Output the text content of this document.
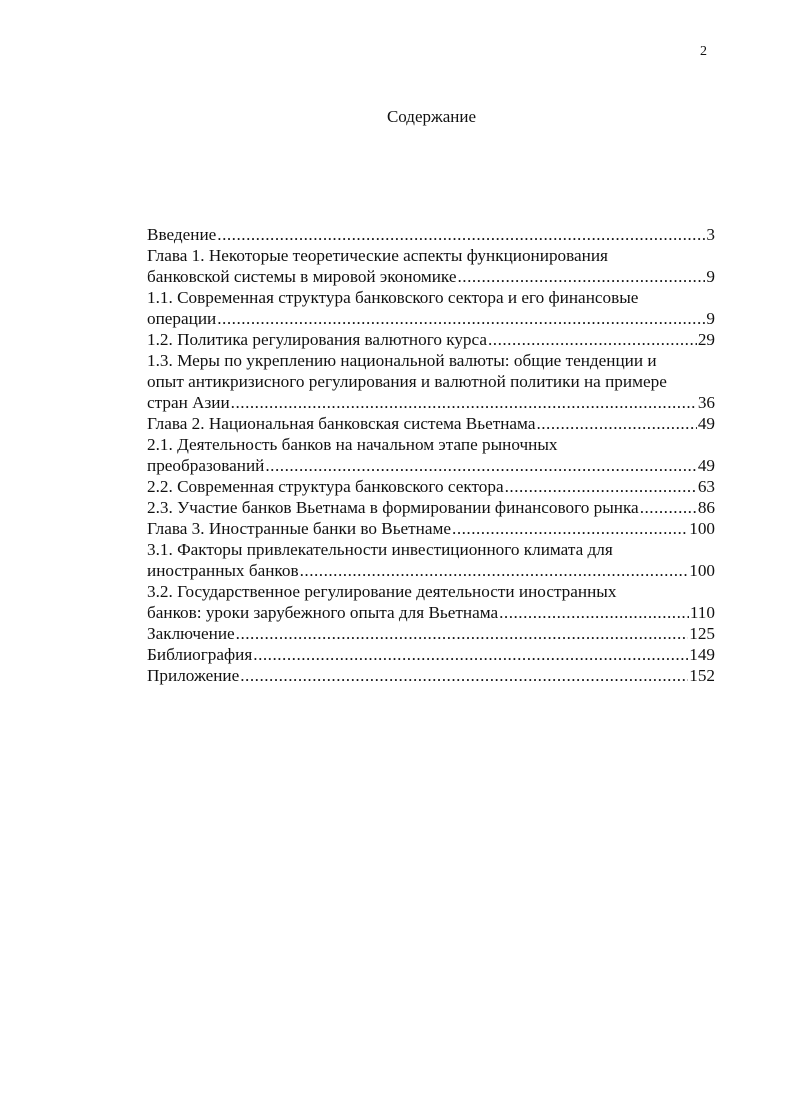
2
Содержание
Введение .....	3
Глава 1. Некоторые теоретические аспекты функционирования
банковской системы в мировой экономике .....	9
1.1. Современная структура банковского сектора и его финансовые
операции .....	9
1.2. Политика регулирования валютного курса .....	29
1.3. Меры по укреплению национальной валюты: общие тенденции и
опыт антикризисного регулирования и валютной политики на примере
стран Азии .....	36
Глава 2. Национальная банковская система Вьетнама .....	49
2.1. Деятельность банков на начальном этапе рыночных
преобразований .....	49
2.2. Современная структура банковского сектора .....	63
2.3. Участие банков Вьетнама в формировании финансового рынка .....	86
Глава 3. Иностранные банки во Вьетнаме .....	100
3.1. Факторы привлекательности инвестиционного климата для
иностранных банков .....	100
3.2. Государственное регулирование деятельности иностранных
банков: уроки зарубежного опыта для Вьетнама .....	110
Заключение .....	125
Библиография .....	149
Приложение .....	152
